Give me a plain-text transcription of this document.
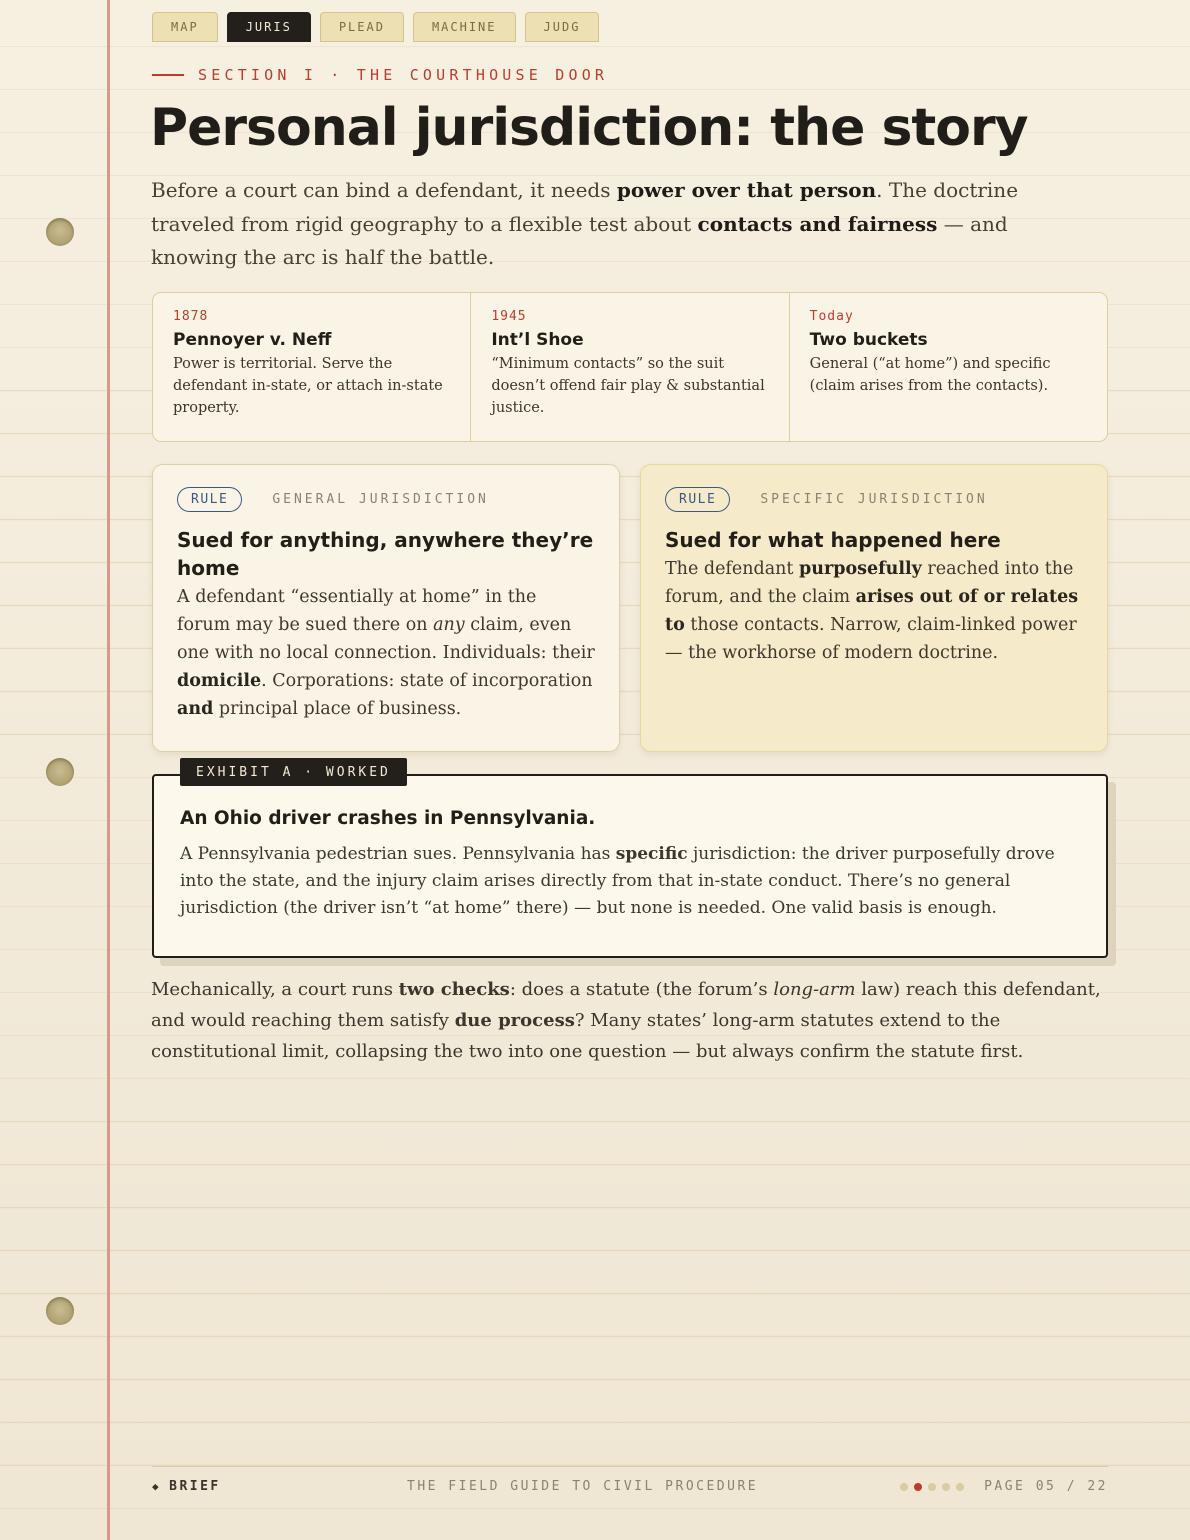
MAP	JURIS	PLEAD	MACHINE	JUDG
SECTION I · THE COURTHOUSE DOOR
Personal jurisdiction: the story

Before a court can bind a defendant, it needs power over that person. The doctrine traveled from rigid geography to a flexible test about contacts and fairness — and knowing the arc is half the battle.

1878
Pennoyer v. Neff
Power is territorial. Serve the defendant in-state, or attach in-state property.
1945
Int’l Shoe
“Minimum contacts” so the suit doesn’t offend fair play & substantial justice.
Today
Two buckets
General (“at home”) and specific (claim arises from the contacts).
RULE	GENERAL JURISDICTION
Sued for anything, anywhere they’re home
A defendant “essentially at home” in the forum may be sued there on any claim, even one with no local connection. Individuals: their domicile. Corporations: state of incorporation and principal place of business.
RULE	SPECIFIC JURISDICTION
Sued for what happened here
The defendant purposefully reached into the forum, and the claim arises out of or relates to those contacts. Narrow, claim-linked power — the workhorse of modern doctrine.
EXHIBIT A · WORKED
An Ohio driver crashes in Pennsylvania.
A Pennsylvania pedestrian sues. Pennsylvania has specific jurisdiction: the driver purposefully drove into the state, and the injury claim arises directly from that in-state conduct. There’s no general jurisdiction (the driver isn’t “at home” there) — but none is needed. One valid basis is enough.

Mechanically, a court runs two checks: does a statute (the forum’s long-arm law) reach this defendant, and would reaching them satisfy due process? Many states’ long-arm statutes extend to the constitutional limit, collapsing the two into one question — but always confirm the statute first.

◆ BRIEF	THE FIELD GUIDE TO CIVIL PROCEDURE	PAGE 05 / 22
